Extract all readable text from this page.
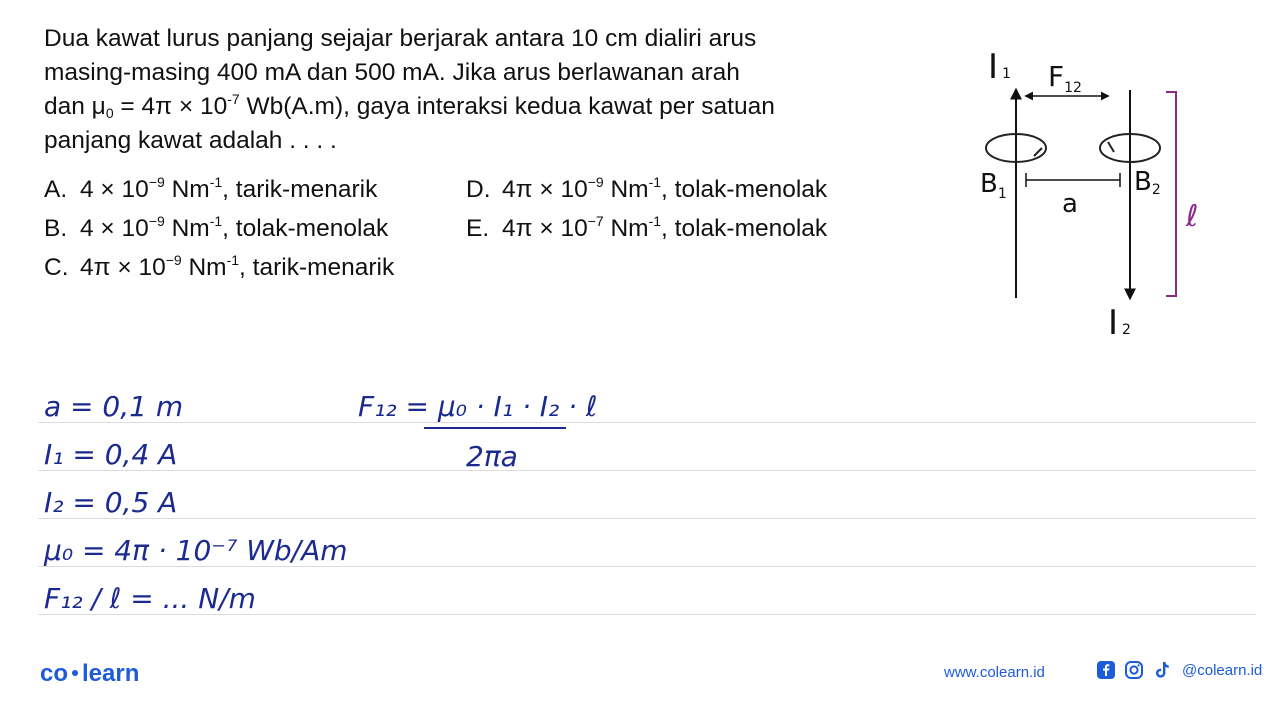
Dua kawat lurus panjang sejajar berjarak antara 10 cm dialiri arus
masing-masing 400 mA dan 500 mA. Jika arus berlawanan arah
dan $\mu_0 = 4\pi \times 10^{-7}$ Wb(A.m), gaya interaksi kedua kawat per satuan
panjang kawat adalah . . . .
A. $4 \times 10^{-9}$ $Nm^{-1}$, tarik-menarik
B. $4 \times 10^{-9}$ $Nm^{-1}$, tolak-menolak
C. $4\pi \times 10^{-9}$ $Nm^{-1}$, tarik-menarik
D. $4\pi \times 10^{-9}$ $Nm^{-1}$, tolak-menolak
E. $4\pi \times 10^{-7}$ $Nm^{-1}$, tolak-menolak
I 1 $F_{12}$
$B_1$	B2
a	ℓ
I 2
a = 0,1 m
I₁ = 0,4 A
I₂ = 0,5 A
μ₀ = 4π · 10⁻⁷ Wb/Am
F₁₂ / ℓ = ... N/m
F₁₂ = μ₀ · I₁ · I₂ · ℓ
2πa
co learn	www.colearn.id	@colearn.id
